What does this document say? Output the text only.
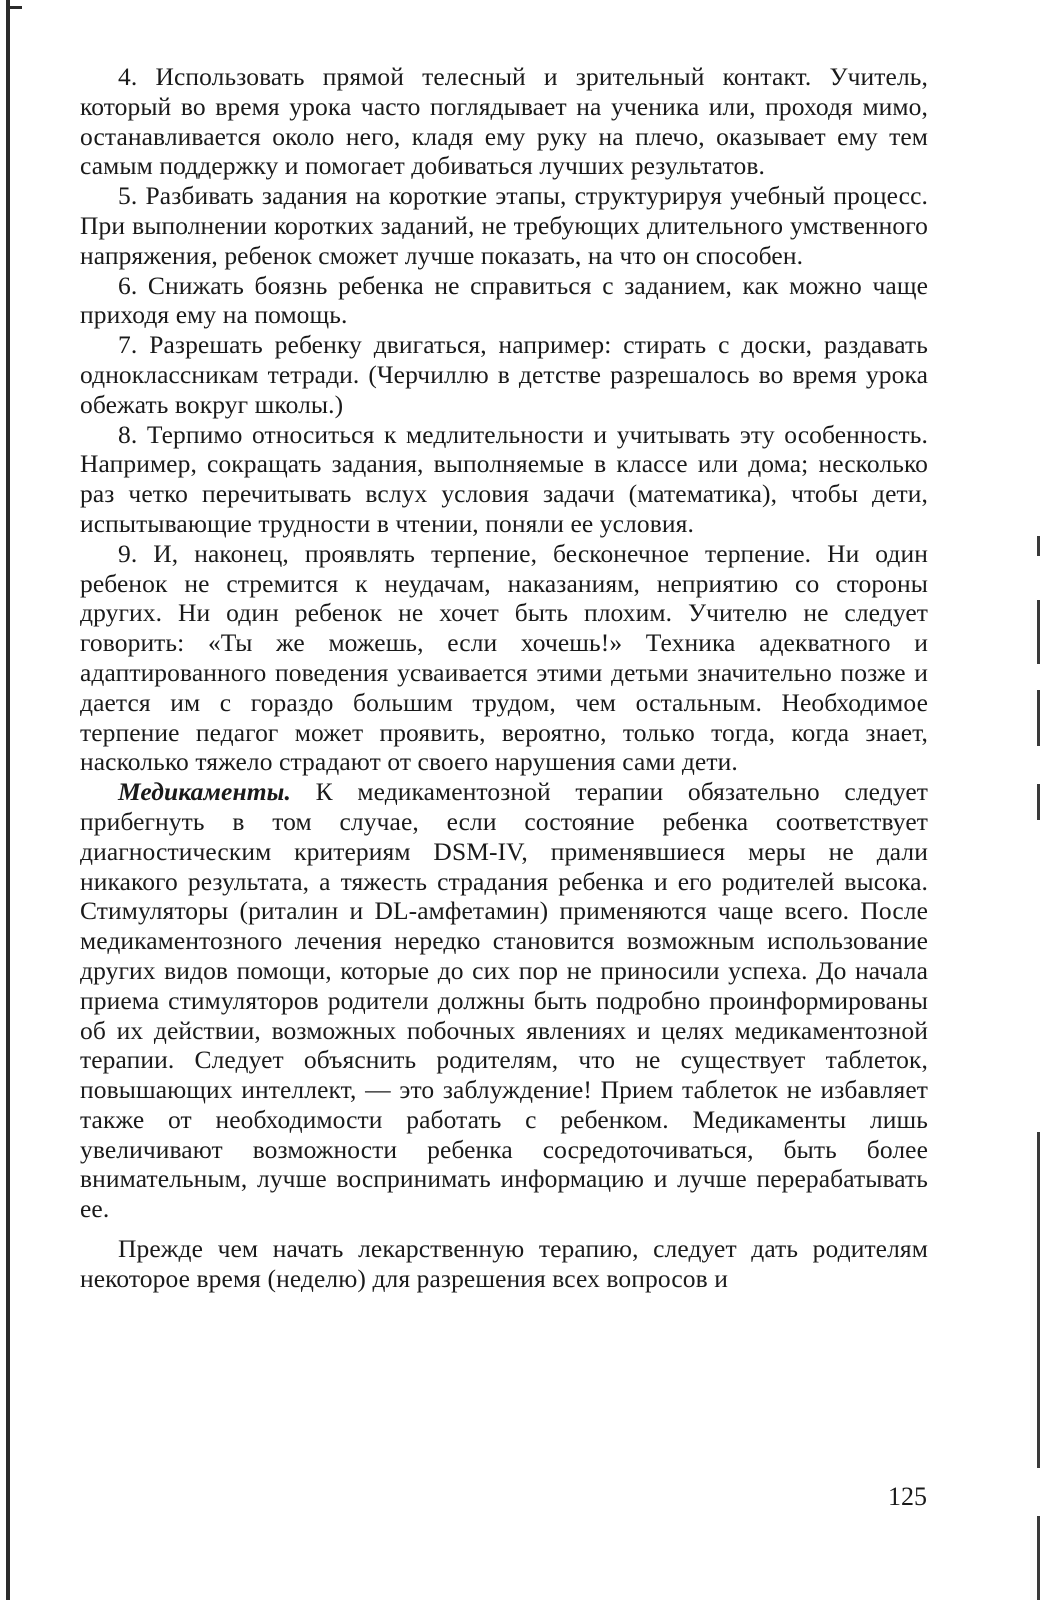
4. Использовать прямой телесный и зрительный контакт. Учитель, который во время урока часто поглядывает на ученика или, проходя мимо, останавливается около него, кладя ему руку на плечо, оказывает ему тем самым поддержку и помогает добиваться лучших результатов.

5. Разбивать задания на короткие этапы, структурируя учебный процесс. При выполнении коротких заданий, не требующих длительного умственного напряжения, ребенок сможет лучше показать, на что он способен.

6. Снижать боязнь ребенка не справиться с заданием, как можно чаще приходя ему на помощь.

7. Разрешать ребенку двигаться, например: стирать с доски, раздавать одноклассникам тетради. (Черчиллю в детстве разрешалось во время урока обежать вокруг школы.)

8. Терпимо относиться к медлительности и учитывать эту особенность. Например, сокращать задания, выполняемые в классе или дома; несколько раз четко перечитывать вслух условия задачи (математика), чтобы дети, испытывающие трудности в чтении, поняли ее условия.

9. И, наконец, проявлять терпение, бесконечное терпение. Ни один ребенок не стремится к неудачам, наказаниям, неприятию со стороны других. Ни один ребенок не хочет быть плохим. Учителю не следует говорить: «Ты же можешь, если хочешь!» Техника адекватного и адаптированного поведения усваивается этими детьми значительно позже и дается им с гораздо большим трудом, чем остальным. Необходимое терпение педагог может проявить, вероятно, только тогда, когда знает, насколько тяжело страдают от своего нарушения сами дети.

Медикаменты. К медикаментозной терапии обязательно следует прибегнуть в том случае, если состояние ребенка соответствует диагностическим критериям DSM-IV, применявшиеся меры не дали никакого результата, а тяжесть страдания ребенка и его родителей высока. Стимуляторы (риталин и DL-амфетамин) применяются чаще всего. После медикаментозного лечения нередко становится возможным использование других видов помощи, которые до сих пор не приносили успеха. До начала приема стимуляторов родители должны быть подробно проинформированы об их действии, возможных побочных явлениях и целях медикаментозной терапии. Следует объяснить родителям, что не существует таблеток, повышающих интеллект, — это заблуждение! Прием таблеток не избавляет также от необходимости работать с ребенком. Медикаменты лишь увеличивают возможности ребенка сосредоточиваться, быть более внимательным, лучше воспринимать информацию и лучше перерабатывать ее.

Прежде чем начать лекарственную терапию, следует дать родителям некоторое время (неделю) для разрешения всех вопросов и

125
